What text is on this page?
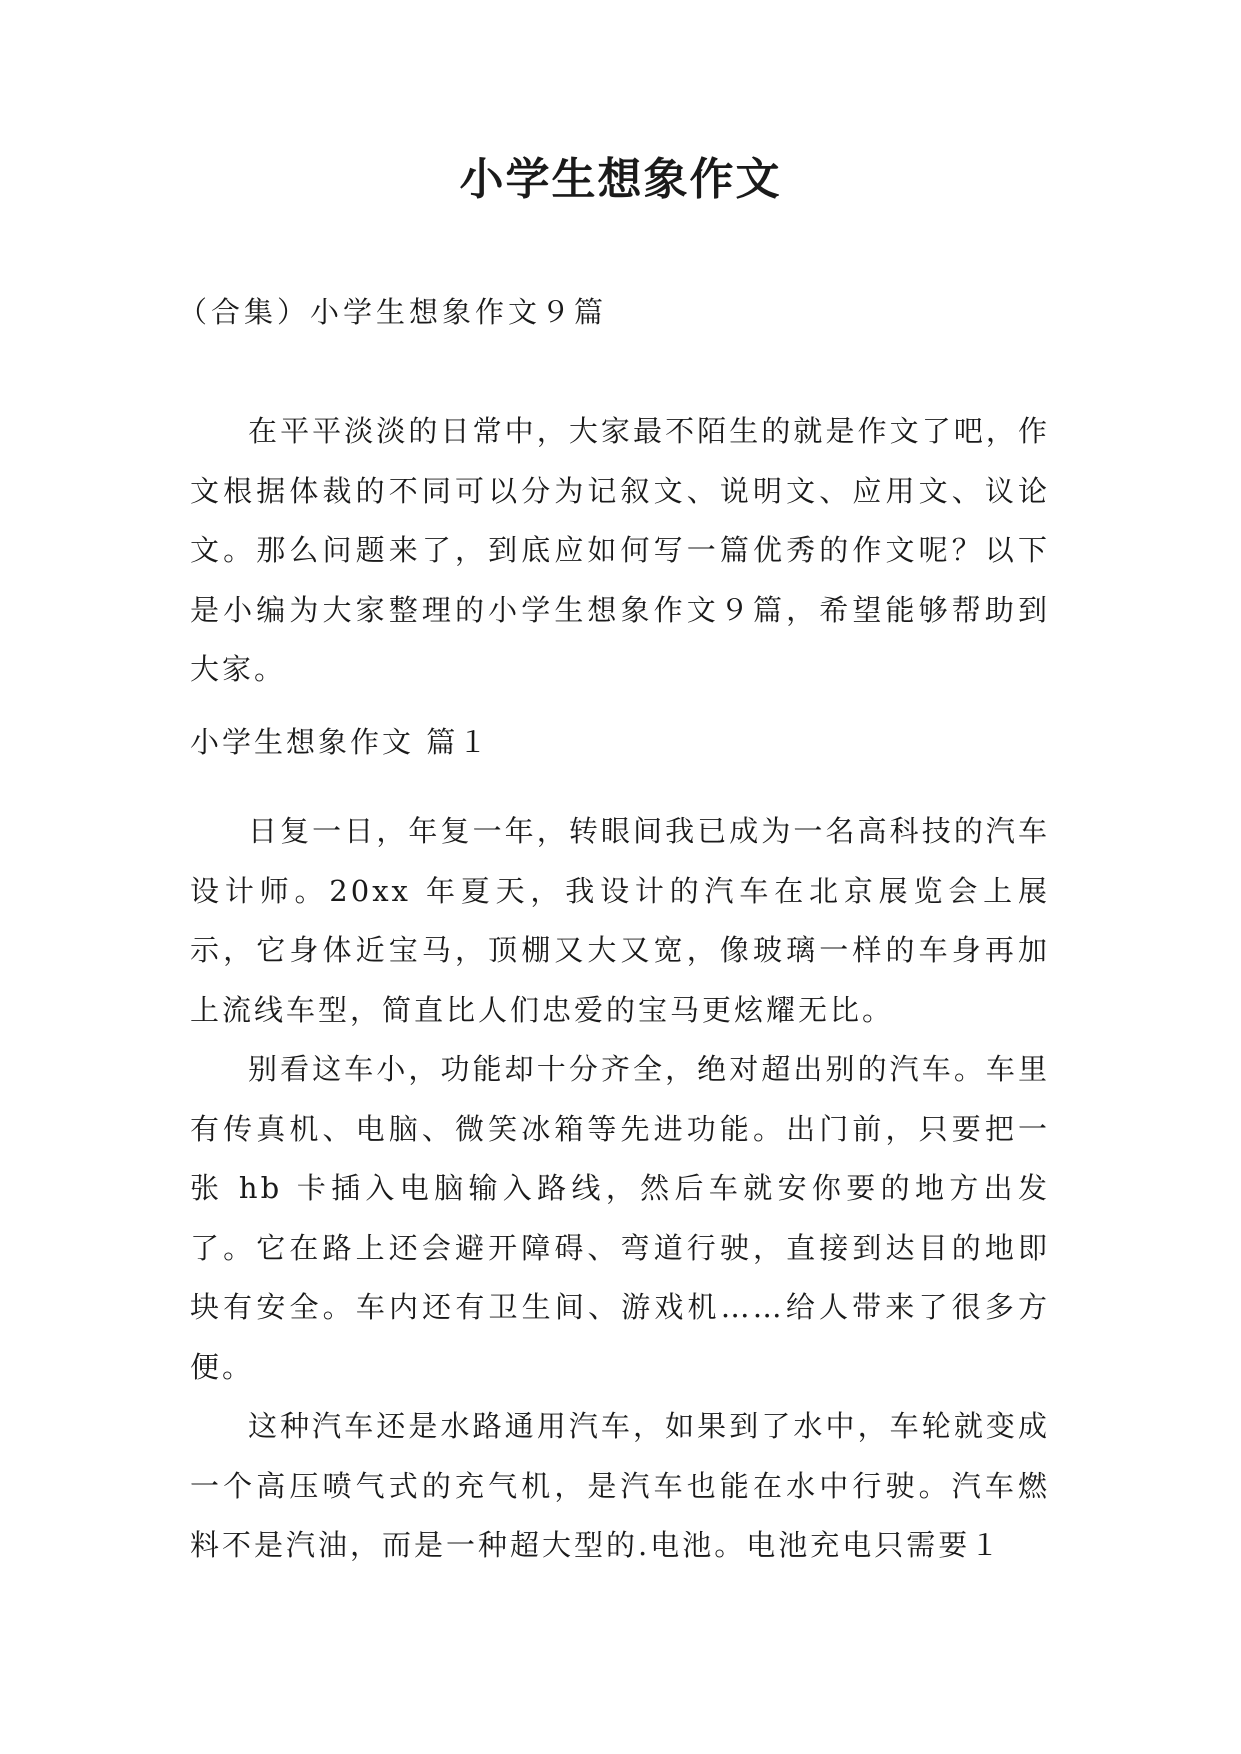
小学生想象作文
（合集）小学生想象作文９篇

在平平淡淡的日常中，大家最不陌生的就是作文了吧，作文根据体裁的不同可以分为记叙文、说明文、应用文、议论文。那么问题来了，到底应如何写一篇优秀的作文呢？以下是小编为大家整理的小学生想象作文９篇，希望能够帮助到大家。

小学生想象作文 篇１

日复一日，年复一年，转眼间我已成为一名高科技的汽车设计师。20xx 年夏天，我设计的汽车在北京展览会上展示，它身体近宝马，顶棚又大又宽，像玻璃一样的车身再加上流线车型，简直比人们忠爱的宝马更炫耀无比。

别看这车小，功能却十分齐全，绝对超出别的汽车。车里有传真机、电脑、微笑冰箱等先进功能。出门前，只要把一张 hb 卡插入电脑输入路线，然后车就安你要的地方出发了。它在路上还会避开障碍、弯道行驶，直接到达目的地即块有安全。车内还有卫生间、游戏机……给人带来了很多方便。

这种汽车还是水路通用汽车，如果到了水中，车轮就变成一个高压喷气式的充气机，是汽车也能在水中行驶。汽车燃料不是汽油，而是一种超大型的.电池。电池充电只需要１
